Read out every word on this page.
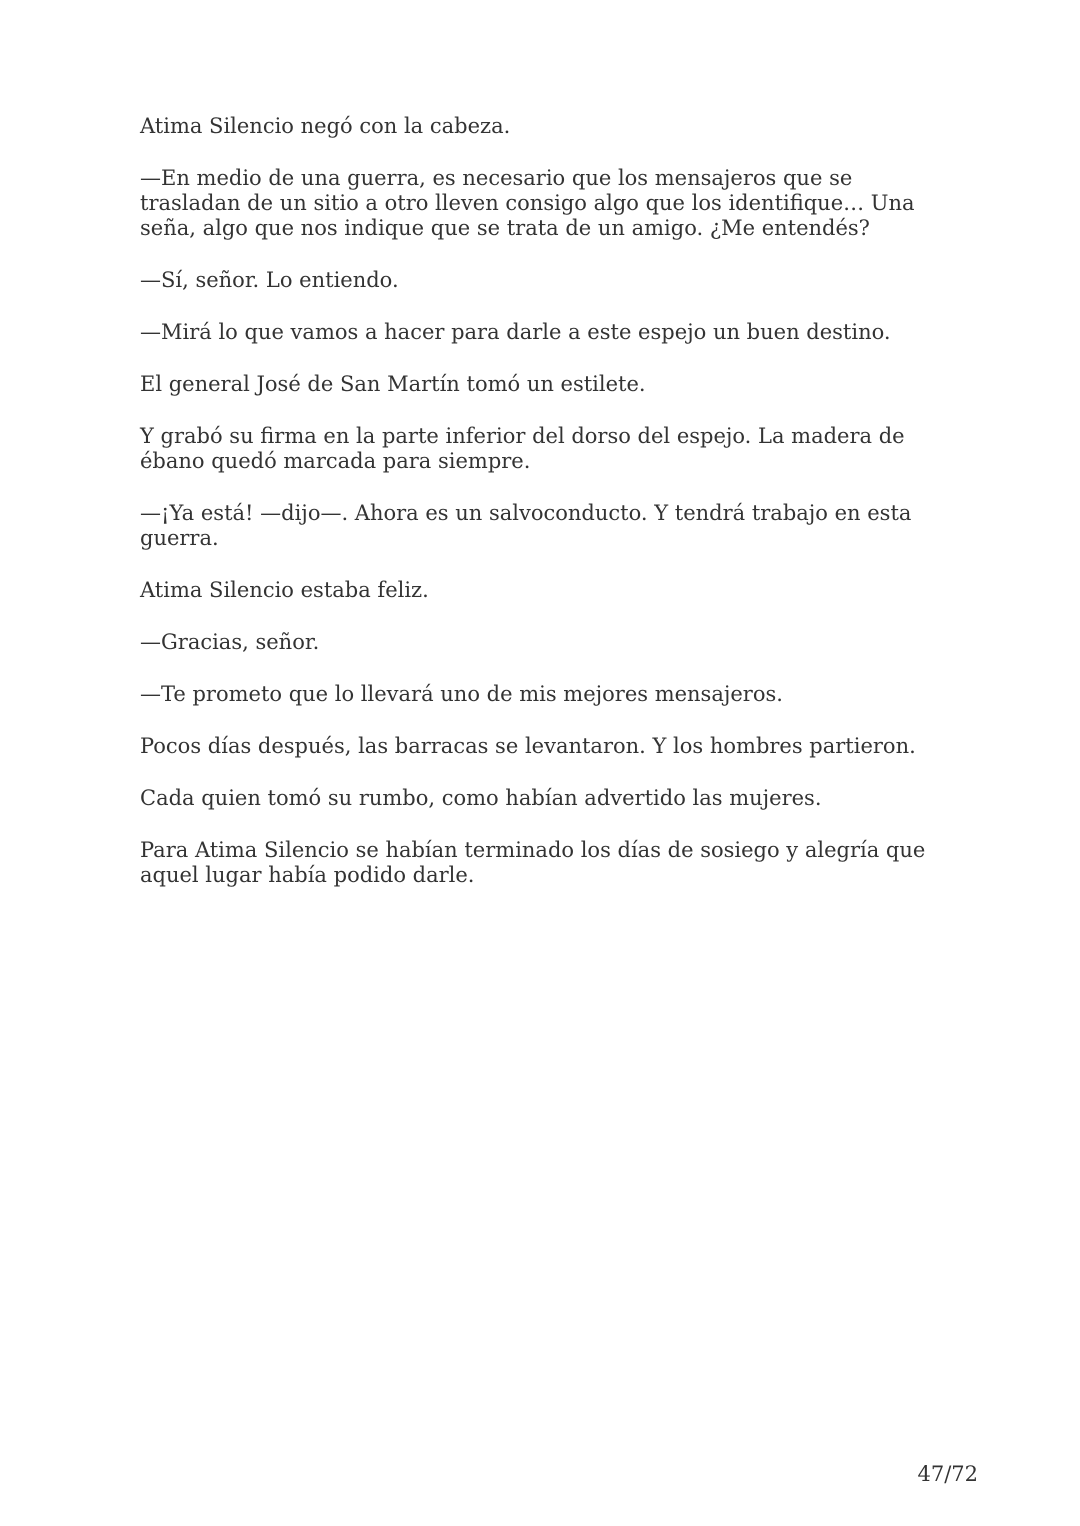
Atima Silencio negó con la cabeza.

—En medio de una guerra, es necesario que los mensajeros que se trasladan de un sitio a otro lleven consigo algo que los identifique… Una seña, algo que nos indique que se trata de un amigo. ¿Me entendés?

—Sí, señor. Lo entiendo.

—Mirá lo que vamos a hacer para darle a este espejo un buen destino.

El general José de San Martín tomó un estilete.

Y grabó su firma en la parte inferior del dorso del espejo. La madera de ébano quedó marcada para siempre.

—¡Ya está! —dijo—. Ahora es un salvoconducto. Y tendrá trabajo en esta guerra.

Atima Silencio estaba feliz.

—Gracias, señor.

—Te prometo que lo llevará uno de mis mejores mensajeros.

Pocos días después, las barracas se levantaron. Y los hombres partieron.

Cada quien tomó su rumbo, como habían advertido las mujeres.

Para Atima Silencio se habían terminado los días de sosiego y alegría que aquel lugar había podido darle.

47/72
